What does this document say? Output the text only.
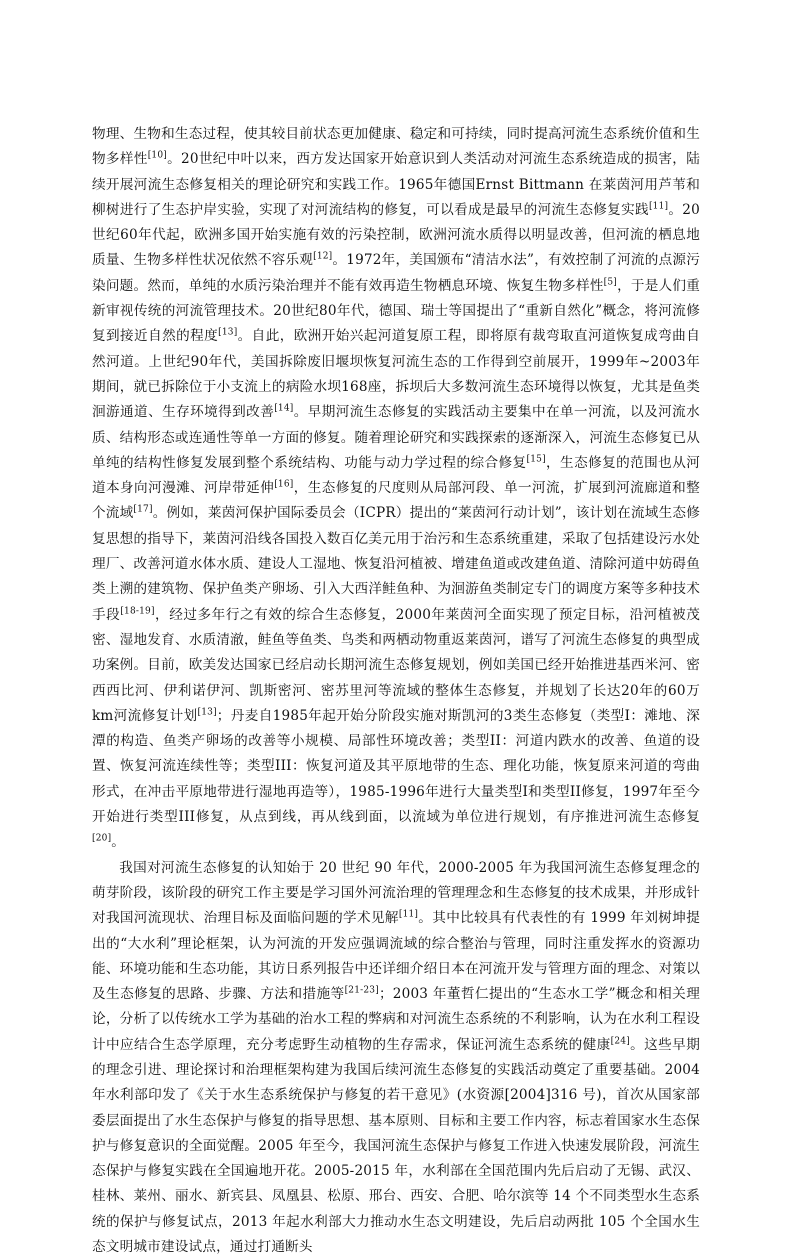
物理、生物和生态过程，使其较目前状态更加健康、稳定和可持续，同时提高河流生态系统价值和生物多样性[10]。20世纪中叶以来，西方发达国家开始意识到人类活动对河流生态系统造成的损害，陆续开展河流生态修复相关的理论研究和实践工作。1965年德国Ernst Bittmann 在莱茵河用芦苇和柳树进行了生态护岸实验，实现了对河流结构的修复，可以看成是最早的河流生态修复实践[11]。20世纪60年代起，欧洲多国开始实施有效的污染控制，欧洲河流水质得以明显改善，但河流的栖息地质量、生物多样性状况依然不容乐观[12]。1972年，美国颁布“清洁水法”，有效控制了河流的点源污染问题。然而，单纯的水质污染治理并不能有效再造生物栖息环境、恢复生物多样性[5]，于是人们重新审视传统的河流管理技术。20世纪80年代，德国、瑞士等国提出了“重新自然化”概念，将河流修复到接近自然的程度[13]。自此，欧洲开始兴起河道复原工程，即将原有裁弯取直河道恢复成弯曲自然河道。上世纪90年代，美国拆除废旧堰坝恢复河流生态的工作得到空前展开，1999年~2003年期间，就已拆除位于小支流上的病险水坝168座，拆坝后大多数河流生态环境得以恢复，尤其是鱼类洄游通道、生存环境得到改善[14]。早期河流生态修复的实践活动主要集中在单一河流，以及河流水质、结构形态或连通性等单一方面的修复。随着理论研究和实践探索的逐渐深入，河流生态修复已从单纯的结构性修复发展到整个系统结构、功能与动力学过程的综合修复[15]，生态修复的范围也从河道本身向河漫滩、河岸带延伸[16]，生态修复的尺度则从局部河段、单一河流，扩展到河流廊道和整个流域[17]。例如，莱茵河保护国际委员会（ICPR）提出的“莱茵河行动计划”，该计划在流域生态修复思想的指导下，莱茵河沿线各国投入数百亿美元用于治污和生态系统重建，采取了包括建设污水处理厂、改善河道水体水质、建设人工湿地、恢复沿河植被、增建鱼道或改建鱼道、清除河道中妨碍鱼类上溯的建筑物、保护鱼类产卵场、引入大西洋鲑鱼种、为洄游鱼类制定专门的调度方案等多种技术手段[18-19]，经过多年行之有效的综合生态修复，2000年莱茵河全面实现了预定目标，沿河植被茂密、湿地发育、水质清澈，鲑鱼等鱼类、鸟类和两栖动物重返莱茵河，谱写了河流生态修复的典型成功案例。目前，欧美发达国家已经启动长期河流生态修复规划，例如美国已经开始推进基西米河、密西西比河、伊利诺伊河、凯斯密河、密苏里河等流域的整体生态修复，并规划了长达20年的60万km河流修复计划[13]；丹麦自1985年起开始分阶段实施对斯凯河的3类生态修复（类型I：滩地、深潭的构造、鱼类产卵场的改善等小规模、局部性环境改善；类型II：河道内跌水的改善、鱼道的设置、恢复河流连续性等；类型III：恢复河道及其平原地带的生态、理化功能，恢复原来河道的弯曲形式，在冲击平原地带进行湿地再造等），1985-1996年进行大量类型I和类型II修复，1997年至今开始进行类型III修复，从点到线，再从线到面，以流域为单位进行规划，有序推进河流生态修复[20]。

我国对河流生态修复的认知始于 20 世纪 90 年代，2000-2005 年为我国河流生态修复理念的萌芽阶段，该阶段的研究工作主要是学习国外河流治理的管理理念和生态修复的技术成果，并形成针对我国河流现状、治理目标及面临问题的学术见解[11]。其中比较具有代表性的有 1999 年刘树坤提出的“大水利”理论框架，认为河流的开发应强调流域的综合整治与管理，同时注重发挥水的资源功能、环境功能和生态功能，其访日系列报告中还详细介绍日本在河流开发与管理方面的理念、对策以及生态修复的思路、步骤、方法和措施等[21-23]；2003 年董哲仁提出的“生态水工学”概念和相关理论，分析了以传统水工学为基础的治水工程的弊病和对河流生态系统的不利影响，认为在水利工程设计中应结合生态学原理，充分考虑野生动植物的生存需求，保证河流生态系统的健康[24]。这些早期的理念引进、理论探讨和治理框架构建为我国后续河流生态修复的实践活动奠定了重要基础。2004 年水利部印发了《关于水生态系统保护与修复的若干意见》(水资源[2004]316 号)，首次从国家部委层面提出了水生态保护与修复的指导思想、基本原则、目标和主要工作内容，标志着国家水生态保护与修复意识的全面觉醒。2005 年至今，我国河流生态保护与修复工作进入快速发展阶段，河流生态保护与修复实践在全国遍地开花。2005-2015 年，水利部在全国范围内先后启动了无锡、武汉、桂林、莱州、丽水、新宾县、凤凰县、松原、邢台、西安、合肥、哈尔滨等 14 个不同类型水生态系统的保护与修复试点，2013 年起水利部大力推动水生态文明建设，先后启动两批 105 个全国水生态文明城市建设试点，通过打通断头
